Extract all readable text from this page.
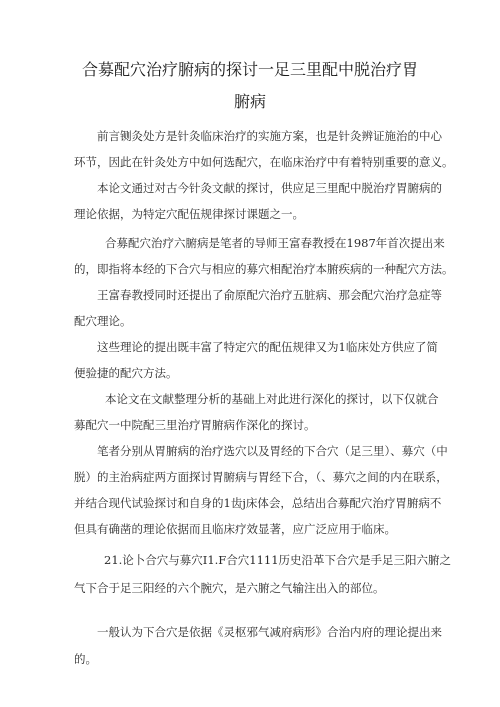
合募配穴治疗腑病的探讨一足三里配中脱治疗胃
腑病
前言铡灸处方是针灸临床治疗的实施方案，也是针灸辨证施治的中心
环节，因此在针灸处方中如何选配穴，在临床治疗中有着特别重要的意义。
本论文通过对古今针灸文献的探讨，供应足三里配中脱治疗胃腑病的
理论依据，为特定穴配伍规律探讨课题之一。
合募配穴治疗六腑病是笔者的导师王富春教授在1987年首次提出来
的，即指将本经的下合穴与相应的募穴相配治疗本腑疾病的一种配穴方法。
王富春教授同时还提出了俞原配穴治疗五脏病、那会配穴治疗急症等
配穴理论。
这些理论的提出既丰富了特定穴的配伍规律又为1临床处方供应了简
便验捷的配穴方法。
本论文在文献整理分析的基础上对此进行深化的探讨，以下仅就合
募配穴一中院配三里治疗胃腑病作深化的探讨。
笔者分别从胃腑病的治疗选穴以及胃经的下合穴（足三里）、募穴（中
脱）的主治病症两方面探讨胃腑病与胃经下合，（、募穴之间的内在联系，
并结合现代试验探讨和自身的1齿j床体会，总结出合募配穴治疗胃腑病不
但具有确凿的理论依据而且临床疗效显著，应广泛应用于临床。
21.论卜合穴与募穴I1.F合穴1111历史沿革下合穴是手足三阳六腑之
气下合于足三阳经的六个腕穴，是六腑之气输注出入的部位。
一般认为下合穴是依据《灵枢邪气减府病形》合治内府的理论提出来
的。
